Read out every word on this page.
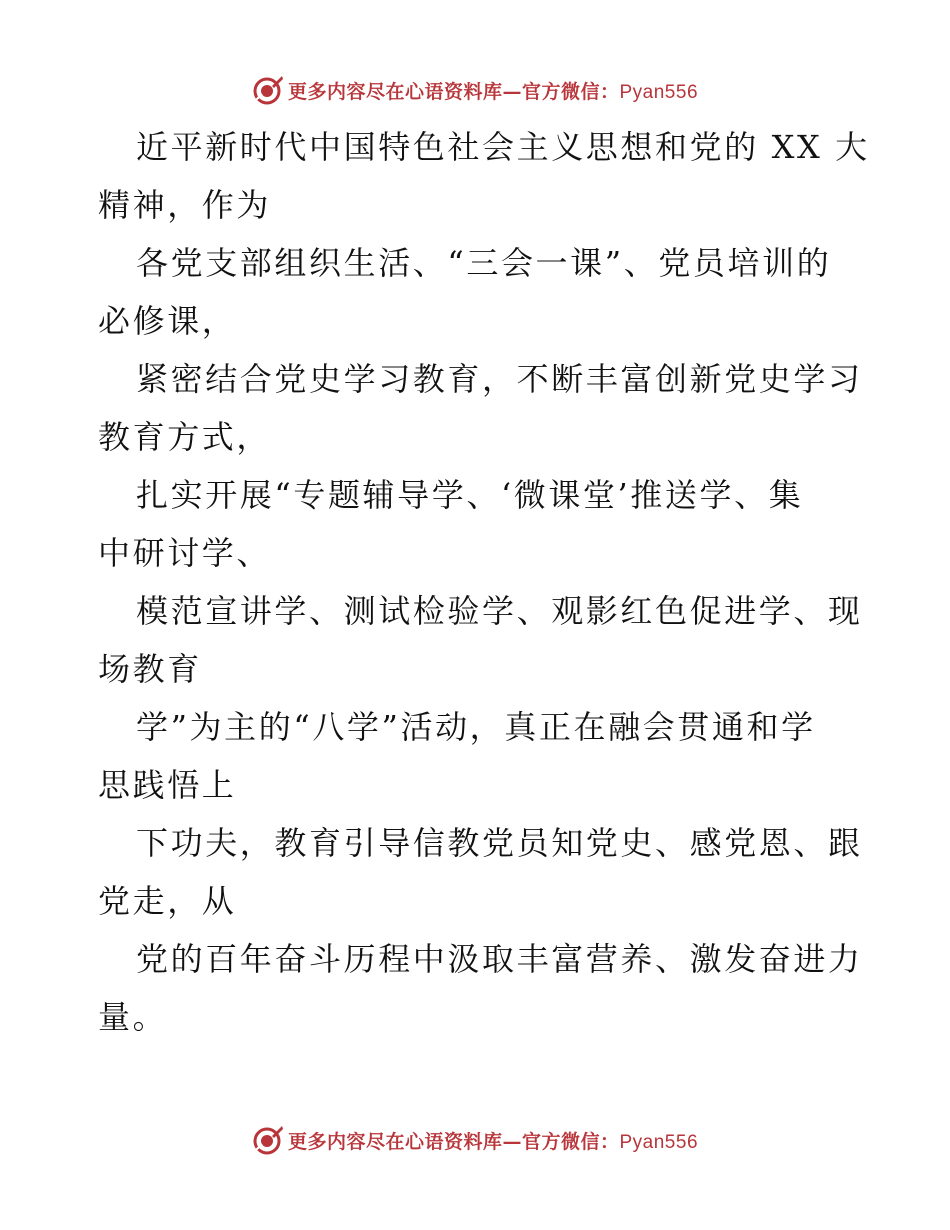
更多内容尽在心语资料库—官方微信：Pyan556

近平新时代中国特色社会主义思想和党的 XX 大
精神，作为

各党支部组织生活、“三会一课”、党员培训的
必修课，

紧密结合党史学习教育，不断丰富创新党史学习
教育方式，

扎实开展“专题辅导学、‘微课堂’推送学、集
中研讨学、

模范宣讲学、测试检验学、观影红色促进学、现
场教育

学”为主的“八学”活动，真正在融会贯通和学
思践悟上

下功夫，教育引导信教党员知党史、感党恩、跟
党走，从

党的百年奋斗历程中汲取丰富营养、激发奋进力
量。

更多内容尽在心语资料库—官方微信：Pyan556
